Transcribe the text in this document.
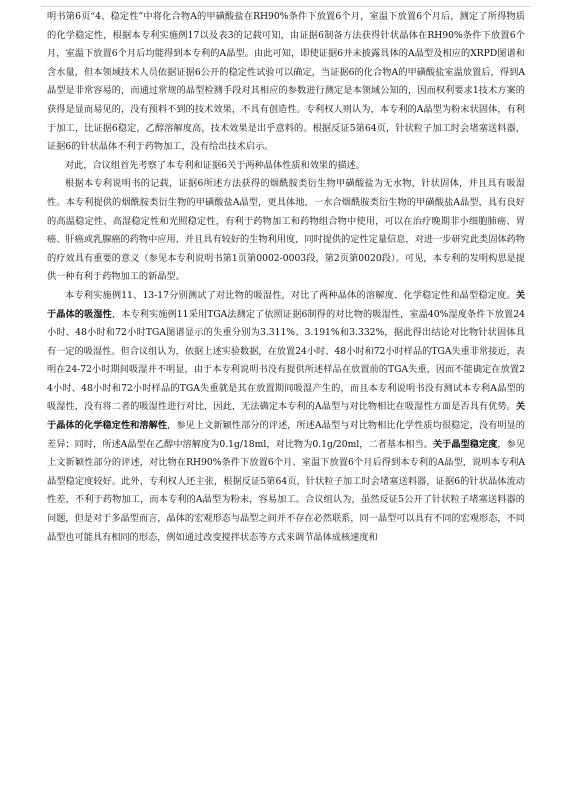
明书第6页“4、稳定性”中将化合物A的甲磺酸盐在RH90%条件下放置6个月，室温下放置6个月后，测定了所得物质的化学稳定性，根据本专利实施例17以及表3的记载可知，由证据6制备方法获得针状晶体在RH90%条件下放置6个月，室温下放置6个月后均能得到本专利的A晶型。由此可知，即使证据6并未披露具体的A晶型及相应的XRPD图谱和含水量，但本领域技术人员依据证据6公开的稳定性试验可以确定，当证据6的化合物A的甲磺酸盐室温放置后，得到A晶型是非常容易的，而通过常规的晶型检测手段对其相应的参数进行测定是本领域公知的，因而权利要求1技术方案的获得是显而易见的，没有预料不到的技术效果，不具有创造性。专利权人则认为，本专利的A晶型为粉末状固体，有利于加工，比证据6稳定，乙醇溶解度高，技术效果是出乎意料的。根据反证5第64页，针状粒子加工时会堵塞送料器，证据6的针状晶体不利于药物加工，没有给出技术启示。

对此，合议组首先考察了本专利和证据6关于两种晶体性质和效果的描述。

根据本专利说明书的记载，证据6所述方法获得的烟酰胺类衍生物甲磺酸盐为无水物，针状固体，并且具有吸湿性。本专利提供的烟酰胺类衍生物的甲磺酸盐A晶型，更具体地，一水合烟酰胺类衍生物的甲磺酸盐A晶型，具有良好的高温稳定性、高湿稳定性和光照稳定性，有利于药物加工和药物组合物中使用，可以在治疗晚期非小细胞肺癌、胃癌、肝癌或乳腺癌的药物中应用，并且具有较好的生物利用度，同时提供的定性定量信息，对进一步研究此类固体药物的疗效具有重要的意义（参见本专利说明书第1页第0002-0003段，第2页第0020段）。可见，本专利的发明构思是提供一种有利于药物加工的新晶型。

本专利实施例11、13-17分别测试了对比物的吸湿性，对比了两种晶体的溶解度、化学稳定性和晶型稳定度。关于晶体的吸湿性，本专利实施例11采用TGA法测定了依照证据6制得的对比物的吸湿性，室温40%湿度条件下放置24小时、48小时和72小时TGA图谱显示的失重分别为3.311%、3.191%和3.332%，据此得出结论对比物针状固体具有一定的吸湿性。但合议组认为，依据上述实验数据，在放置24小时、48小时和72小时样品的TGA失重非常接近，表明在24-72小时期间吸湿并不明显，由于本专利说明书没有提供所述样品在放置前的TGA失重，因而不能确定在放置24小时、48小时和72小时样品的TGA失重就是其在放置期间吸湿产生的，而且本专利说明书没有测试本专利A晶型的吸湿性，没有将二者的吸湿性进行对比，因此，无法确定本专利的A晶型与对比物相比在吸湿性方面是否具有优势。关于晶体的化学稳定性和溶解性，参见上文新颖性部分的评述，所述A晶型与对比物相比化学性质均很稳定，没有明显的差异；同时，所述A晶型在乙醇中溶解度为0.1g/18ml，对比物为0.1g/20ml，二者基本相当。关于晶型稳定度，参见上文新颖性部分的评述，对比物在RH90%条件下放置6个月、室温下放置6个月后得到本专利的A晶型，说明本专利A晶型稳定度较好。此外，专利权人还主张，根据反证5第64页，针状粒子加工时会堵塞送料器，证据6的针状晶体流动性差，不利于药物加工，而本专利的A晶型为粉末，容易加工。合议组认为，虽然反证5公开了针状粒子堵塞送料器的问题，但是对于多晶型而言，晶体的宏观形态与晶型之间并不存在必然联系，同一晶型可以具有不同的宏观形态，不同晶型也可能具有相同的形态，例如通过改变搅拌状态等方式来调节晶体成核速度和
